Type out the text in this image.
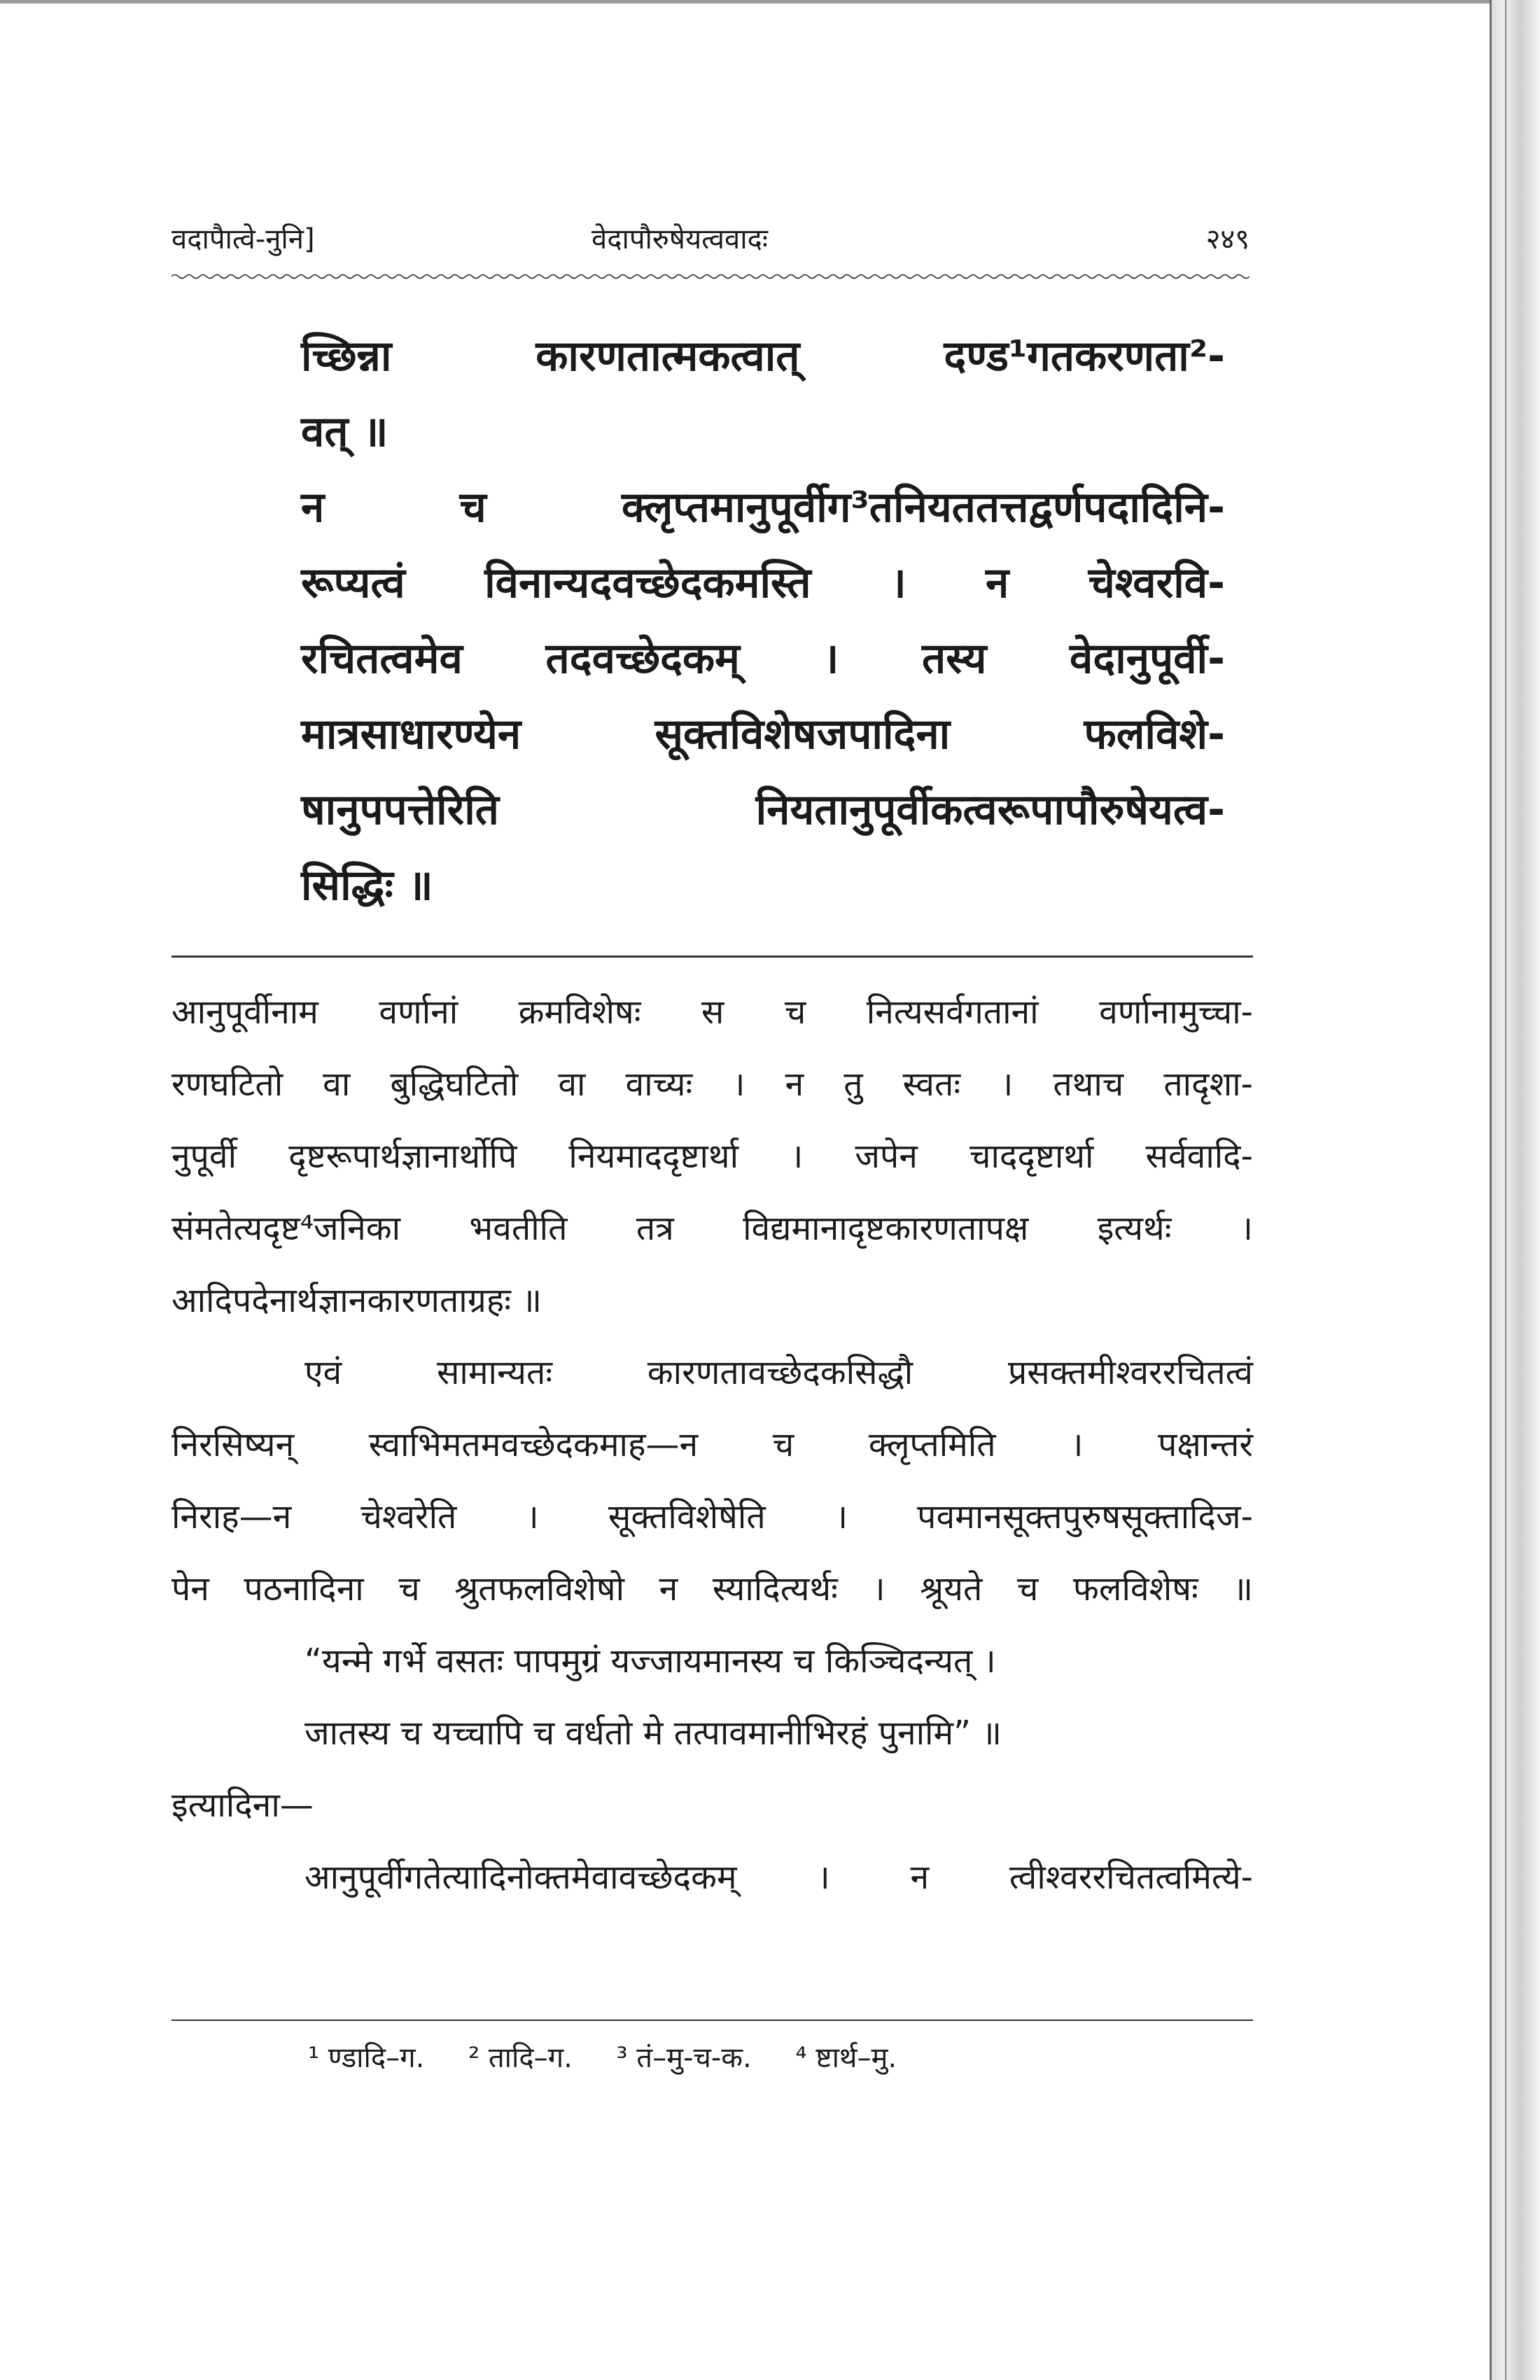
वदापैात्वे-नुनि]	वेदापौरुषेयत्ववादः	२४९
च्छिन्ना कारणतात्मकत्वात् दण्ड¹गतकरणता²-
वत् ॥
न च क्लृप्तमानुपूर्वीग³तनियततत्तद्वर्णपदादिनि-
रूप्यत्वं विनान्यदवच्छेदकमस्ति । न चेश्वरवि-
रचितत्वमेव तदवच्छेदकम् । तस्य वेदानुपूर्वी-
मात्रसाधारण्येन सूक्तविशेषजपादिना फलविशे-
षानुपपत्तेरिति नियतानुपूर्वीकत्वरूपापौरुषेयत्व-
सिद्धिः ॥
आनुपूर्वीनाम वर्णानां क्रमविशेषः स च नित्यसर्वगतानां वर्णानामुच्चा-
रणघटितो वा बुद्धिघटितो वा वाच्यः । न तु स्वतः । तथाच तादृशा-
नुपूर्वी दृष्टरूपार्थज्ञानार्थोपि नियमाददृष्टार्था । जपेन चाददृष्टार्था सर्ववादि-
संमतेत्यदृष्ट⁴जनिका भवतीति तत्र विद्यमानादृष्टकारणतापक्ष इत्यर्थः ।
आदिपदेनार्थज्ञानकारणताग्रहः ॥
एवं सामान्यतः कारणतावच्छेदकसिद्धौ प्रसक्तमीश्वररचितत्वं
निरसिष्यन् स्वाभिमतमवच्छेदकमाह—न च क्लृप्तमिति । पक्षान्तरं
निराह—न चेश्वरेति । सूक्तविशेषेति । पवमानसूक्तपुरुषसूक्तादिज-
पेन पठनादिना च श्रुतफलविशेषो न स्यादित्यर्थः । श्रूयते च फलविशेषः ॥
“यन्मे गर्भे वसतः पापमुग्रं यज्जायमानस्य च किञ्चिदन्यत् ।
जातस्य च यच्चापि च वर्धतो मे तत्पावमानीभिरहं पुनामि” ॥
इत्यादिना—
आनुपूर्वीगतेत्यादिनोक्तमेवावच्छेदकम् । न त्वीश्वररचितत्वमित्ये-
¹ ण्डादि–ग. ² तादि–ग. ³ तं–मु-च-क. ⁴ ष्टार्थ–मु.
